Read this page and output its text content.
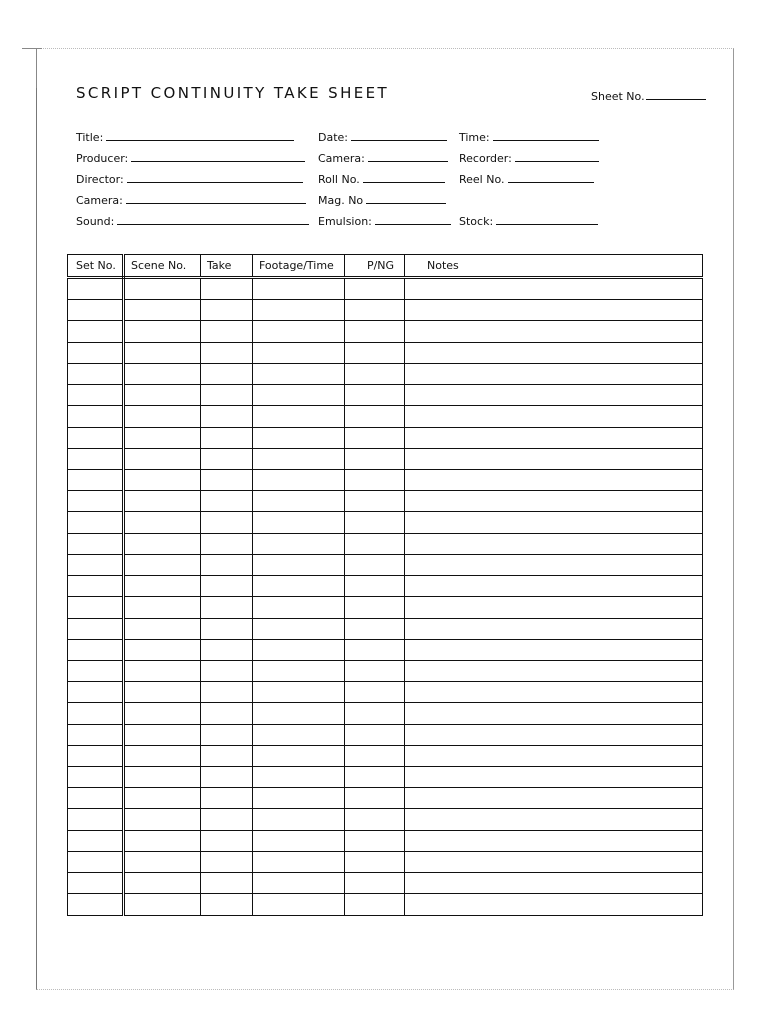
SCRIPT CONTINUITY TAKE SHEET	Sheet No.
Title:
Producer:
Director:
Camera:
Sound:
Date:
Camera:
Roll No.
Mag. No
Emulsion:
Time:
Recorder:
Reel No.
Stock:
Set No.	Scene No.	Take	Footage/Time	P/NG	Notes
